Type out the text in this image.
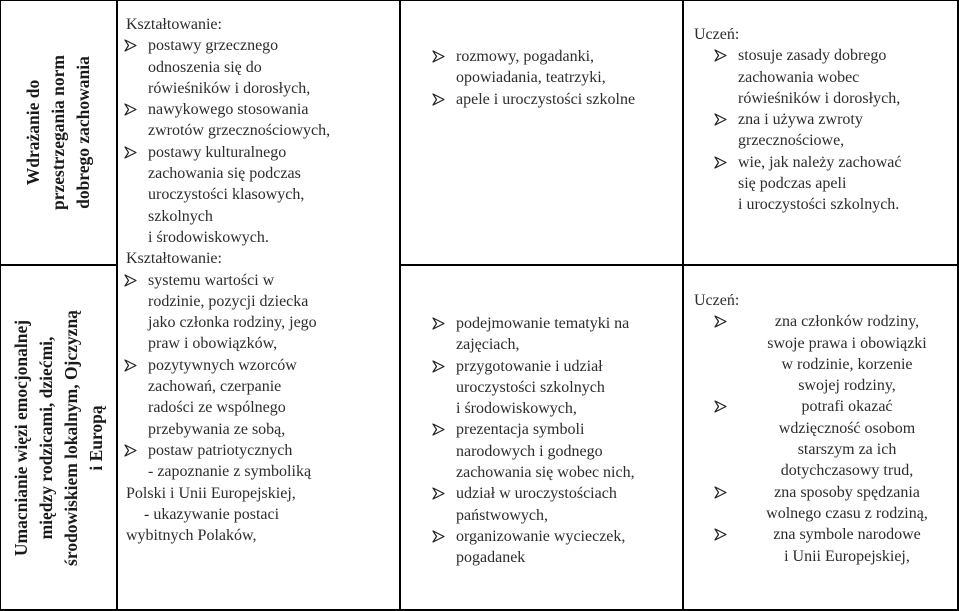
Wdrażanie do przestrzegania norm dobrego zachowania
Umacnianie więzi emocjonalnej między rodzicami, dziećmi, środowiskiem lokalnym, Ojczyzną i Europą
Kształtowanie:
postawy grzecznego
odnoszenia się do
rówieśników i dorosłych,
nawykowego stosowania
zwrotów grzecznościowych,
postawy kulturalnego
zachowania się podczas
uroczystości klasowych,
szkolnych
i środowiskowych.
Kształtowanie:
systemu wartości w
rodzinie, pozycji dziecka
jako członka rodziny, jego
praw i obowiązków,
pozytywnych wzorców
zachowań, czerpanie
radości ze wspólnego
przebywania ze sobą,
postaw patriotycznych
- zapoznanie z symboliką
Polski i Unii Europejskiej,
- ukazywanie postaci
wybitnych Polaków,
rozmowy, pogadanki,
opowiadania, teatrzyki,
apele i uroczystości szkolne
podejmowanie tematyki na
zajęciach,
przygotowanie i udział
uroczystości szkolnych
i środowiskowych,
prezentacja symboli
narodowych i godnego
zachowania się wobec nich,
udział w uroczystościach
państwowych,
organizowanie wycieczek,
pogadanek
Uczeń:
stosuje zasady dobrego
zachowania wobec
rówieśników i dorosłych,
zna i używa zwroty
grzecznościowe,
wie, jak należy zachować
się podczas apeli
i uroczystości szkolnych.
Uczeń:
zna członków rodziny,
swoje prawa i obowiązki
w rodzinie, korzenie
swojej rodziny,
potrafi okazać
wdzięczność osobom
starszym za ich
dotychczasowy trud,
zna sposoby spędzania
wolnego czasu z rodziną,
zna symbole narodowe
i Unii Europejskiej,
